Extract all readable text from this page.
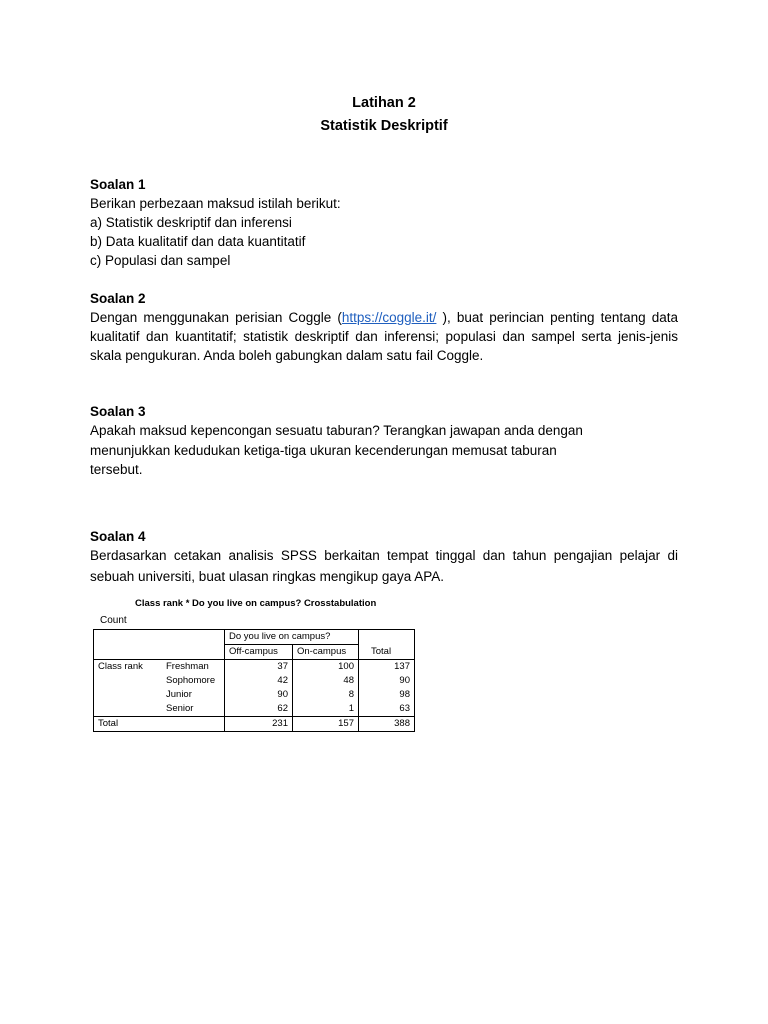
Latihan 2
Statistik Deskriptif
Soalan 1
Berikan perbezaan maksud istilah berikut:
a) Statistik deskriptif dan inferensi
b) Data kualitatif dan data kuantitatif
c) Populasi dan sampel
Soalan 2
Dengan menggunakan perisian Coggle (https://coggle.it/ ), buat perincian penting tentang data
kualitatif dan kuantitatif; statistik deskriptif dan inferensi; populasi dan sampel serta jenis-jenis
skala pengukuran. Anda boleh gabungkan dalam satu fail Coggle.
Soalan 3
Apakah maksud kepencongan sesuatu taburan? Terangkan jawapan anda dengan
menunjukkan kedudukan ketiga-tiga ukuran kecenderungan memusat taburan
tersebut.
Soalan 4
Berdasarkan cetakan analisis SPSS berkaitan tempat tinggal dan tahun pengajian pelajar di
sebuah universiti, buat ulasan ringkas mengikup gaya APA.
Class rank * Do you live on campus? Crosstabulation
Count
		Do you live on campus?		
		Off-campus	On-campus	Total
Class rank	Freshman	37	100	137
	Sophomore	42	48	90
	Junior	90	8	98
	Senior	62	1	63
Total		231	157	388
